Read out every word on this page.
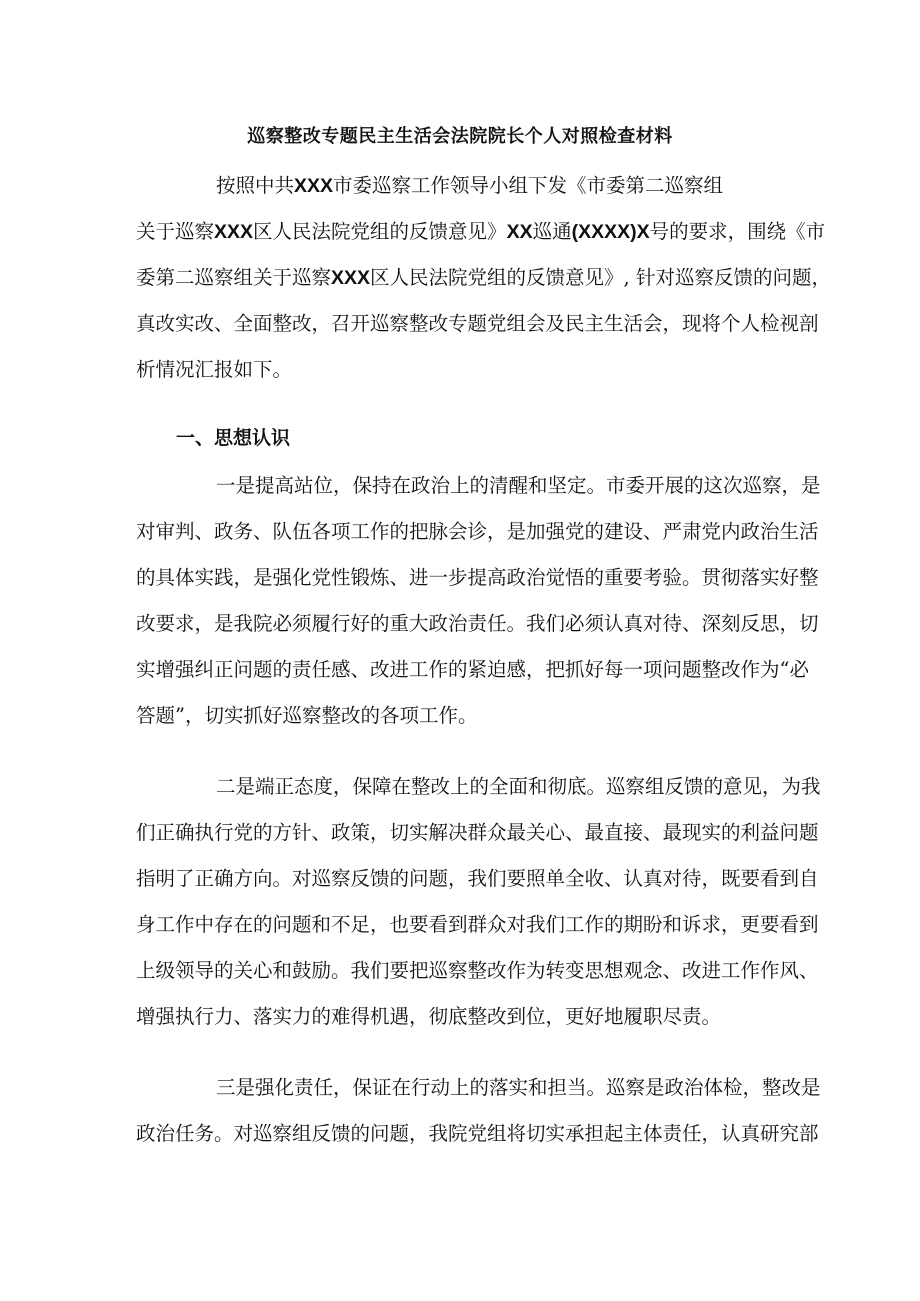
巡察整改专题民主生活会法院院长个人对照检查材料

按照中共XXX市委巡察工作领导小组下发《市委第二巡察组

关于巡察XXX区人民法院党组的反馈意见》XX巡通(XXXX)X号的要求，围绕《市

委第二巡察组关于巡察XXX区人民法院党组的反馈意见》, 针对巡察反馈的问题，

真改实改、全面整改，召开巡察整改专题党组会及民主生活会，现将个人检视剖

析情况汇报如下。

一、思想认识

一是提高站位，保持在政治上的清醒和坚定。市委开展的这次巡察，是

对审判、政务、队伍各项工作的把脉会诊，是加强党的建设、严肃党内政治生活

的具体实践，是强化党性锻炼、进一步提高政治觉悟的重要考验。贯彻落实好整

改要求，是我院必须履行好的重大政治责任。我们必须认真对待、深刻反思，切

实增强纠正问题的责任感、改进工作的紧迫感，把抓好每一项问题整改作为“必

答题”，切实抓好巡察整改的各项工作。

二是端正态度，保障在整改上的全面和彻底。巡察组反馈的意见，为我

们正确执行党的方针、政策，切实解决群众最关心、最直接、最现实的利益问题

指明了正确方向。对巡察反馈的问题，我们要照单全收、认真对待，既要看到自

身工作中存在的问题和不足，也要看到群众对我们工作的期盼和诉求，更要看到

上级领导的关心和鼓励。我们要把巡察整改作为转变思想观念、改进工作作风、

增强执行力、落实力的难得机遇，彻底整改到位，更好地履职尽责。

三是强化责任，保证在行动上的落实和担当。巡察是政治体检，整改是

政治任务。对巡察组反馈的问题，我院党组将切实承担起主体责任，认真研究部
